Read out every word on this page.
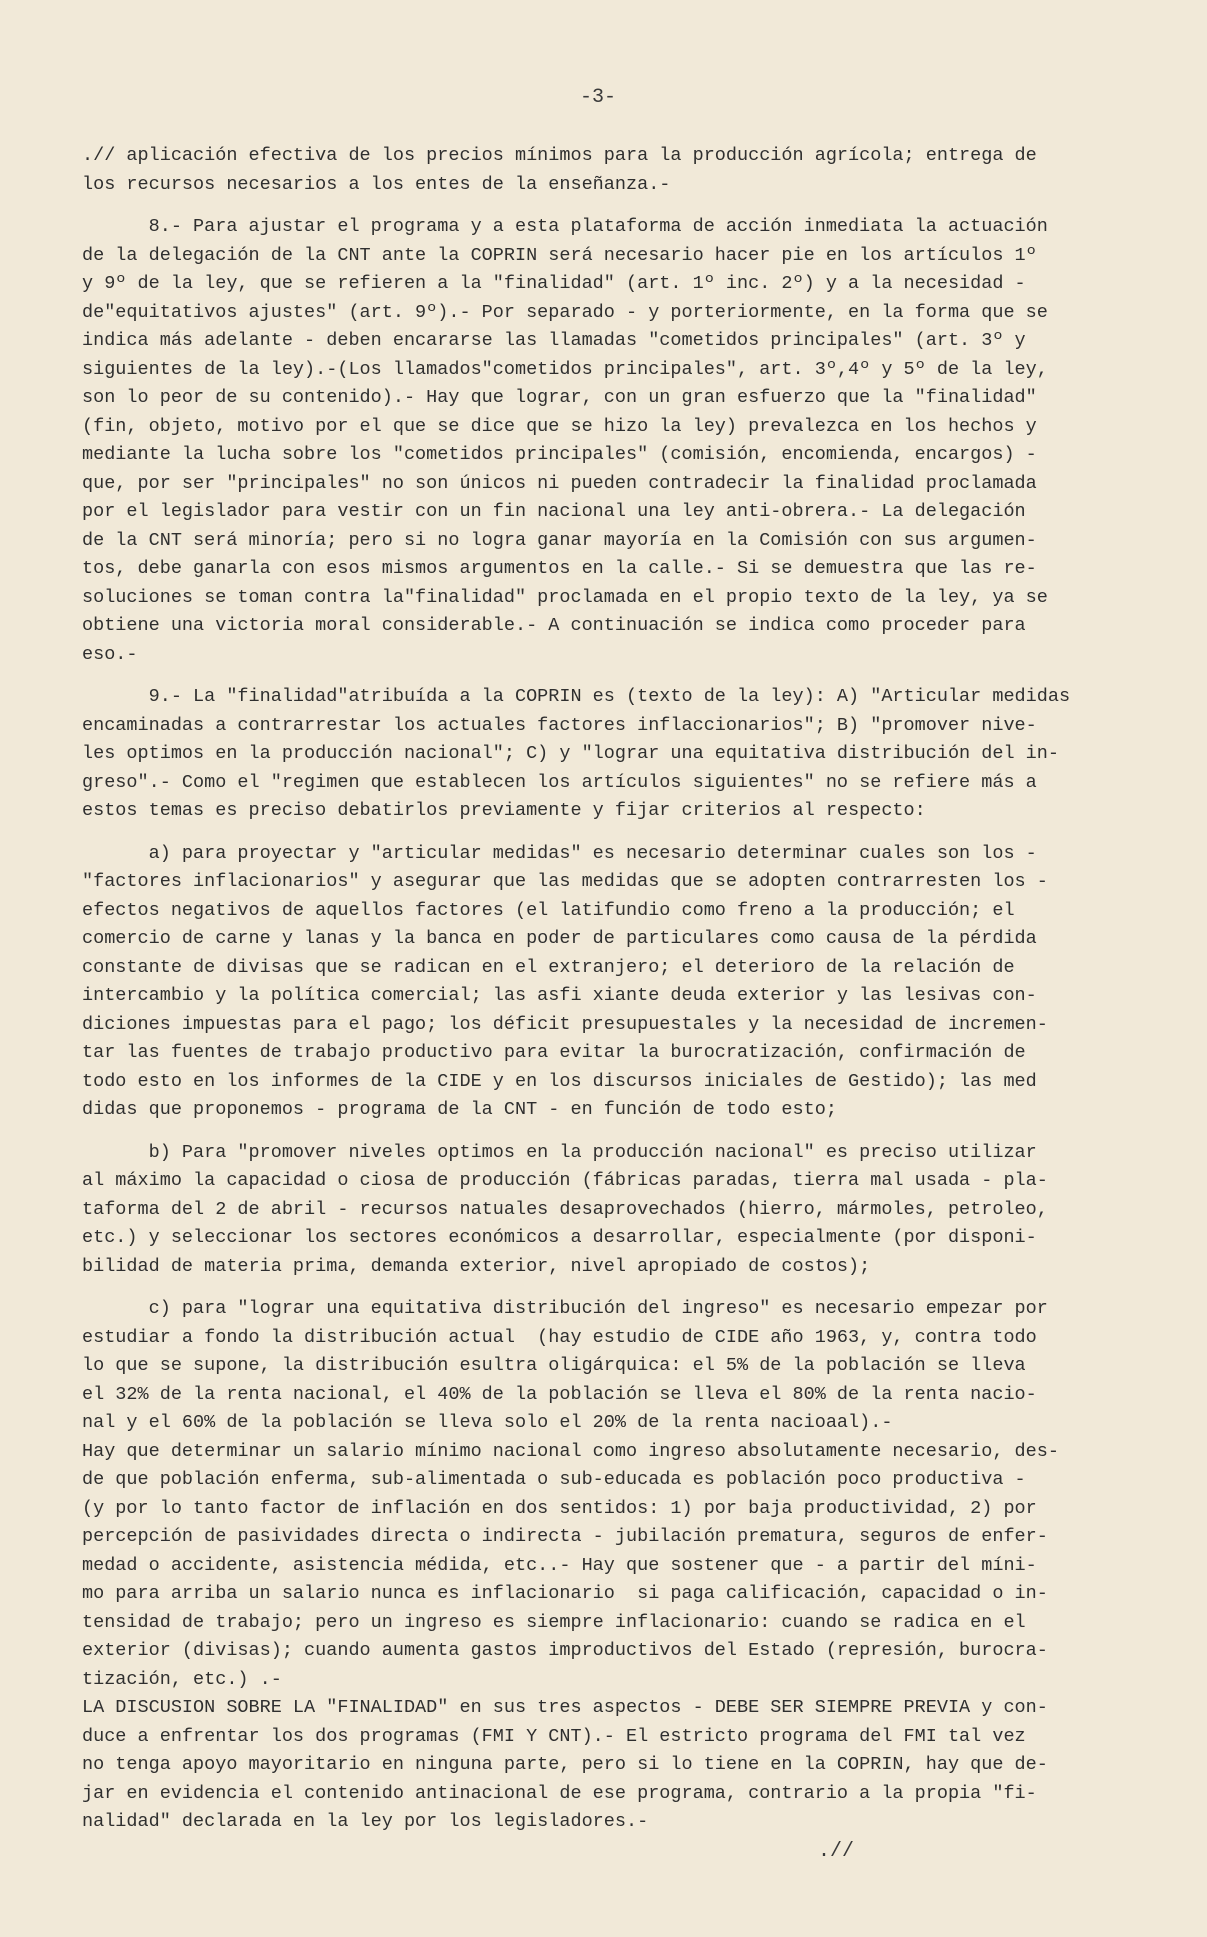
-3-
.// aplicación efectiva de los precios mínimos para la producción agrícola; entrega de
los recursos necesarios a los entes de la enseñanza.-
8.- Para ajustar el programa y a esta plataforma de acción inmediata la actuación
de la delegación de la CNT ante la COPRIN será necesario hacer pie en los artículos 1º
y 9º de la ley, que se refieren a la "finalidad" (art. 1º inc. 2º) y a la necesidad -
de"equitativos ajustes" (art. 9º).- Por separado - y porteriormente, en la forma que se
indica más adelante - deben encararse las llamadas "cometidos principales" (art. 3º y
siguientes de la ley).-(Los llamados"cometidos principales", art. 3º,4º y 5º de la ley,
son lo peor de su contenido).- Hay que lograr, con un gran esfuerzo que la "finalidad"
(fin, objeto, motivo por el que se dice que se hizo la ley) prevalezca en los hechos y
mediante la lucha sobre los "cometidos principales" (comisión, encomienda, encargos) -
que, por ser "principales" no son únicos ni pueden contradecir la finalidad proclamada
por el legislador para vestir con un fin nacional una ley anti-obrera.- La delegación
de la CNT será minoría; pero si no logra ganar mayoría en la Comisión con sus argumen-
tos, debe ganarla con esos mismos argumentos en la calle.- Si se demuestra que las re-
soluciones se toman contra la"finalidad" proclamada en el propio texto de la ley, ya se
obtiene una victoria moral considerable.- A continuación se indica como proceder para
eso.-
9.- La "finalidad"atribuída a la COPRIN es (texto de la ley): A) "Articular medidas
encaminadas a contrarrestar los actuales factores inflaccionarios"; B) "promover nive-
les optimos en la producción nacional"; C) y "lograr una equitativa distribución del in-
greso".- Como el "regimen que establecen los artículos siguientes" no se refiere más a
estos temas es preciso debatirlos previamente y fijar criterios al respecto:
a) para proyectar y "articular medidas" es necesario determinar cuales son los -
"factores inflacionarios" y asegurar que las medidas que se adopten contrarresten los -
efectos negativos de aquellos factores (el latifundio como freno a la producción; el
comercio de carne y lanas y la banca en poder de particulares como causa de la pérdida
constante de divisas que se radican en el extranjero; el deterioro de la relación de
intercambio y la política comercial; las asfi xiante deuda exterior y las lesivas con-
diciones impuestas para el pago; los déficit presupuestales y la necesidad de incremen-
tar las fuentes de trabajo productivo para evitar la burocratización, confirmación de
todo esto en los informes de la CIDE y en los discursos iniciales de Gestido); las med
didas que proponemos - programa de la CNT - en función de todo esto;
b) Para "promover niveles optimos en la producción nacional" es preciso utilizar
al máximo la capacidad o ciosa de producción (fábricas paradas, tierra mal usada - pla-
taforma del 2 de abril - recursos natuales desaprovechados (hierro, mármoles, petroleo,
etc.) y seleccionar los sectores económicos a desarrollar, especialmente (por disponi-
bilidad de materia prima, demanda exterior, nivel apropiado de costos);
c) para "lograr una equitativa distribución del ingreso" es necesario empezar por
estudiar a fondo la distribución actual  (hay estudio de CIDE año 1963, y, contra todo
lo que se supone, la distribución esultra oligárquica: el 5% de la población se lleva
el 32% de la renta nacional, el 40% de la población se lleva el 80% de la renta nacio-
nal y el 60% de la población se lleva solo el 20% de la renta nacioaal).-
Hay que determinar un salario mínimo nacional como ingreso absolutamente necesario, des-
de que población enferma, sub-alimentada o sub-educada es población poco productiva -
(y por lo tanto factor de inflación en dos sentidos: 1) por baja productividad, 2) por
percepción de pasividades directa o indirecta - jubilación prematura, seguros de enfer-
medad o accidente, asistencia médida, etc..- Hay que sostener que - a partir del míni-
mo para arriba un salario nunca es inflacionario  si paga calificación, capacidad o in-
tensidad de trabajo; pero un ingreso es siempre inflacionario: cuando se radica en el
exterior (divisas); cuando aumenta gastos improductivos del Estado (represión, burocra-
tización, etc.) .-
LA DISCUSION SOBRE LA "FINALIDAD" en sus tres aspectos - DEBE SER SIEMPRE PREVIA y con-
duce a enfrentar los dos programas (FMI Y CNT).- El estricto programa del FMI tal vez
no tenga apoyo mayoritario en ninguna parte, pero si lo tiene en la COPRIN, hay que de-
jar en evidencia el contenido antinacional de ese programa, contrario a la propia "fi-
nalidad" declarada en la ley por los legisladores.-
.//
